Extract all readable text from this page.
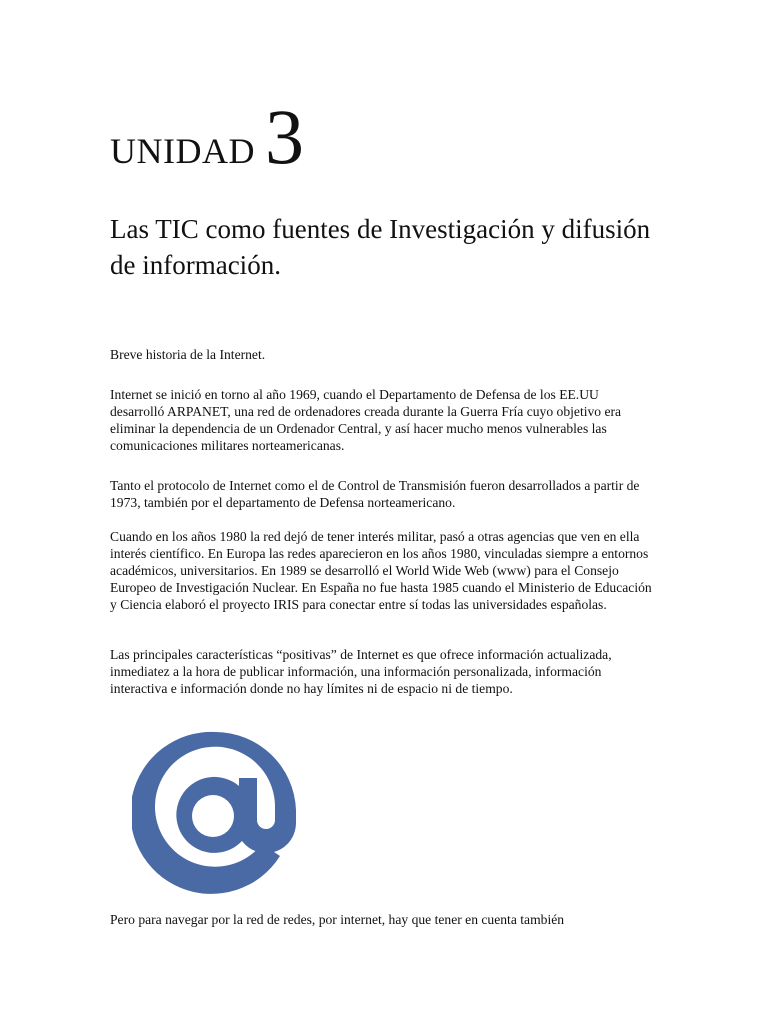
UNIDAD 3
Las TIC como fuentes de Investigación y difusión de información.

Breve historia de la Internet.

Internet se inició en torno al año 1969, cuando el Departamento de Defensa de los EE.UU desarrolló ARPANET, una red de ordenadores creada durante la Guerra Fría cuyo objetivo era eliminar la dependencia de un Ordenador Central, y así hacer mucho menos vulnerables las comunicaciones militares norteamericanas.

Tanto el protocolo de Internet como el de Control de Transmisión fueron desarrollados a partir de 1973, también por el departamento de Defensa norteamericano.

Cuando en los años 1980 la red dejó de tener interés militar, pasó a otras agencias que ven en ella interés científico. En Europa las redes aparecieron en los años 1980, vinculadas siempre a entornos académicos, universitarios. En 1989 se desarrolló el World Wide Web (www) para el Consejo Europeo de Investigación Nuclear. En España no fue hasta 1985 cuando el Ministerio de Educación y Ciencia elaboró el proyecto IRIS para conectar entre sí todas las universidades españolas.

Las principales características “positivas” de Internet es que ofrece información actualizada, inmediatez a la hora de publicar información, una información personalizada, información interactiva e información donde no hay límites ni de espacio ni de tiempo.

Pero para navegar por la red de redes, por internet, hay que tener en cuenta también
